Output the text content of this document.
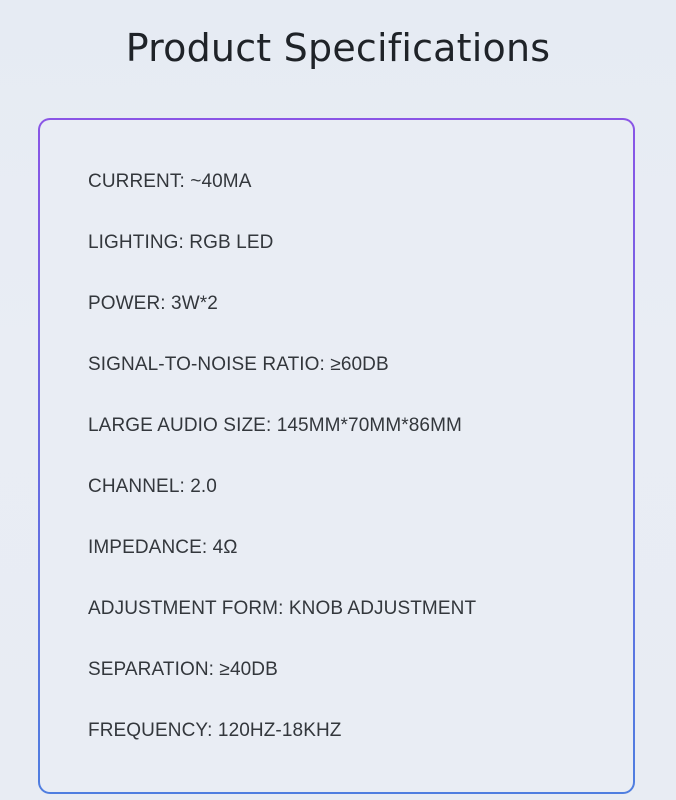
Product Specifications
CURRENT : ~40MA
LIGHTING : RGB LED
POWER : 3W*2
SIGNAL-TO-NOISE RATIO : ≥60DB
LARGE AUDIO SIZE : 145MM*70MM*86MM
CHANNEL : 2.0
IMPEDANCE : 4Ω
ADJUSTMENT FORM : KNOB ADJUSTMENT
SEPARATION : ≥40DB
FREQUENCY : 120HZ-18KHZ
